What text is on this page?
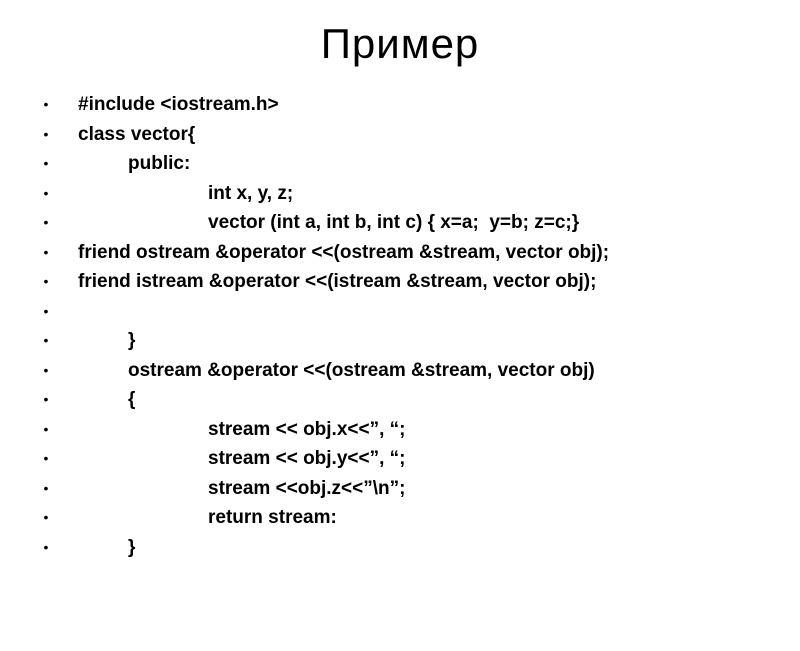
Пример

•

#include <iostream.h>

•

class vector{

•

	public:

•

	int x, y, z;

•

	vector (int a, int b, int c) { x=a;  y=b; z=c;}

•

friend ostream &operator <<(ostream &stream, vector obj);

•

friend istream &operator <<(istream &stream, vector obj);

•

•

	}

•

	ostream &operator <<(ostream &stream, vector obj)

•

	{

•

	stream << obj.x<<”, “;

•

	stream << obj.y<<”, “;

•

	stream <<obj.z<<”\n”;

•

	return stream:

•

	}
